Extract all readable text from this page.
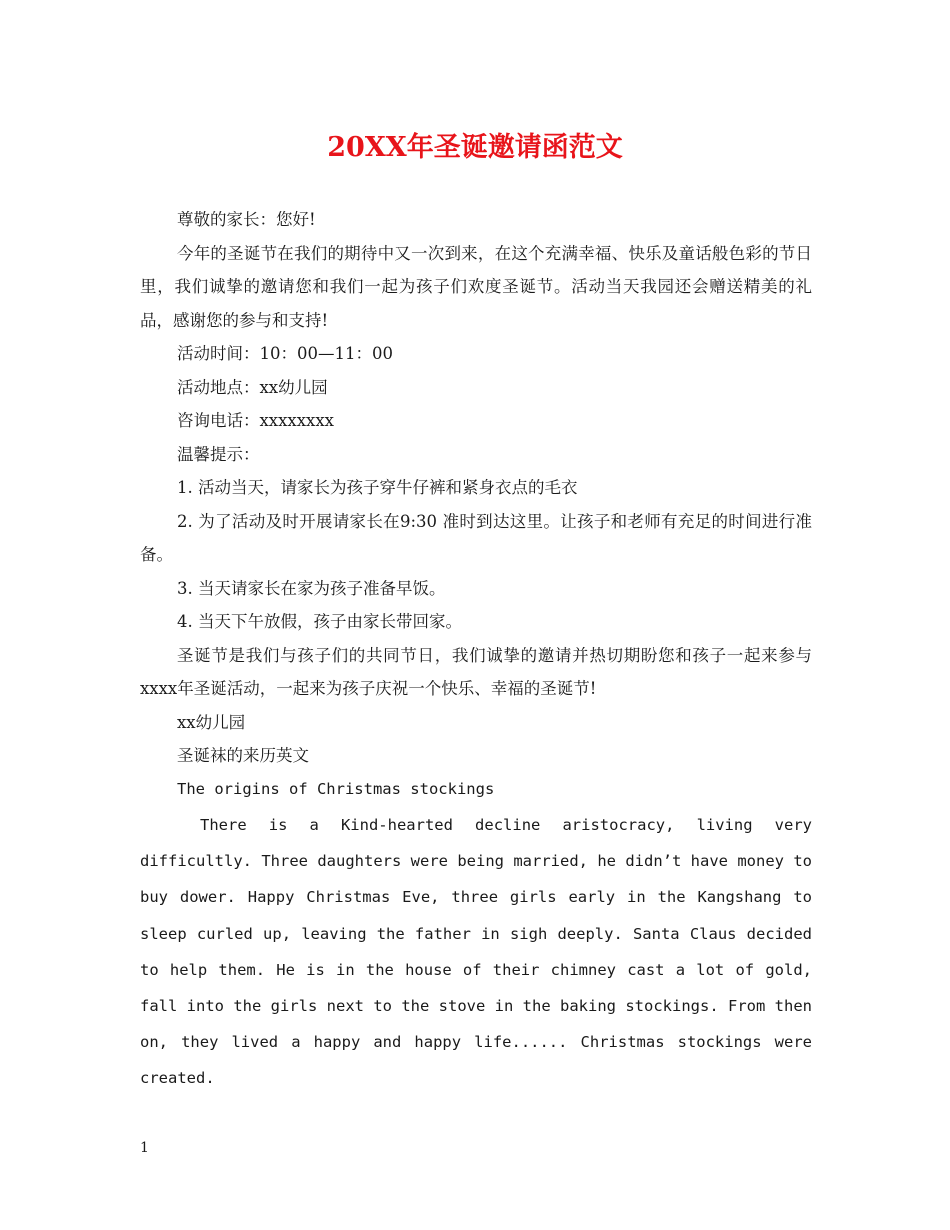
20XX年圣诞邀请函范文

尊敬的家长：您好!

今年的圣诞节在我们的期待中又一次到来，在这个充满幸福、快乐及童话般色彩的节日里，我们诚挚的邀请您和我们一起为孩子们欢度圣诞节。活动当天我园还会赠送精美的礼品，感谢您的参与和支持!

活动时间：10：00—11：00

活动地点：xx幼儿园

咨询电话：xxxxxxxx

温馨提示：

1. 活动当天，请家长为孩子穿牛仔裤和紧身衣点的毛衣

2. 为了活动及时开展请家长在9:30 准时到达这里。让孩子和老师有充足的时间进行准备。

3. 当天请家长在家为孩子准备早饭。

4. 当天下午放假，孩子由家长带回家。

圣诞节是我们与孩子们的共同节日，我们诚挚的邀请并热切期盼您和孩子一起来参与xxxx年圣诞活动，一起来为孩子庆祝一个快乐、幸福的圣诞节!

xx幼儿园

圣诞袜的来历英文

The origins of Christmas stockings

There is a Kind-hearted decline aristocracy, living very difficultly. Three daughters were being married, he didn’t have money to buy dower. Happy Christmas Eve, three girls early in the Kangshang to sleep curled up, leaving the father in sigh deeply. Santa Claus decided to help them. He is in the house of their chimney cast a lot of gold, fall into the girls next to the stove in the baking stockings. From then on, they lived a happy and happy life...... Christmas stockings were created.

1
